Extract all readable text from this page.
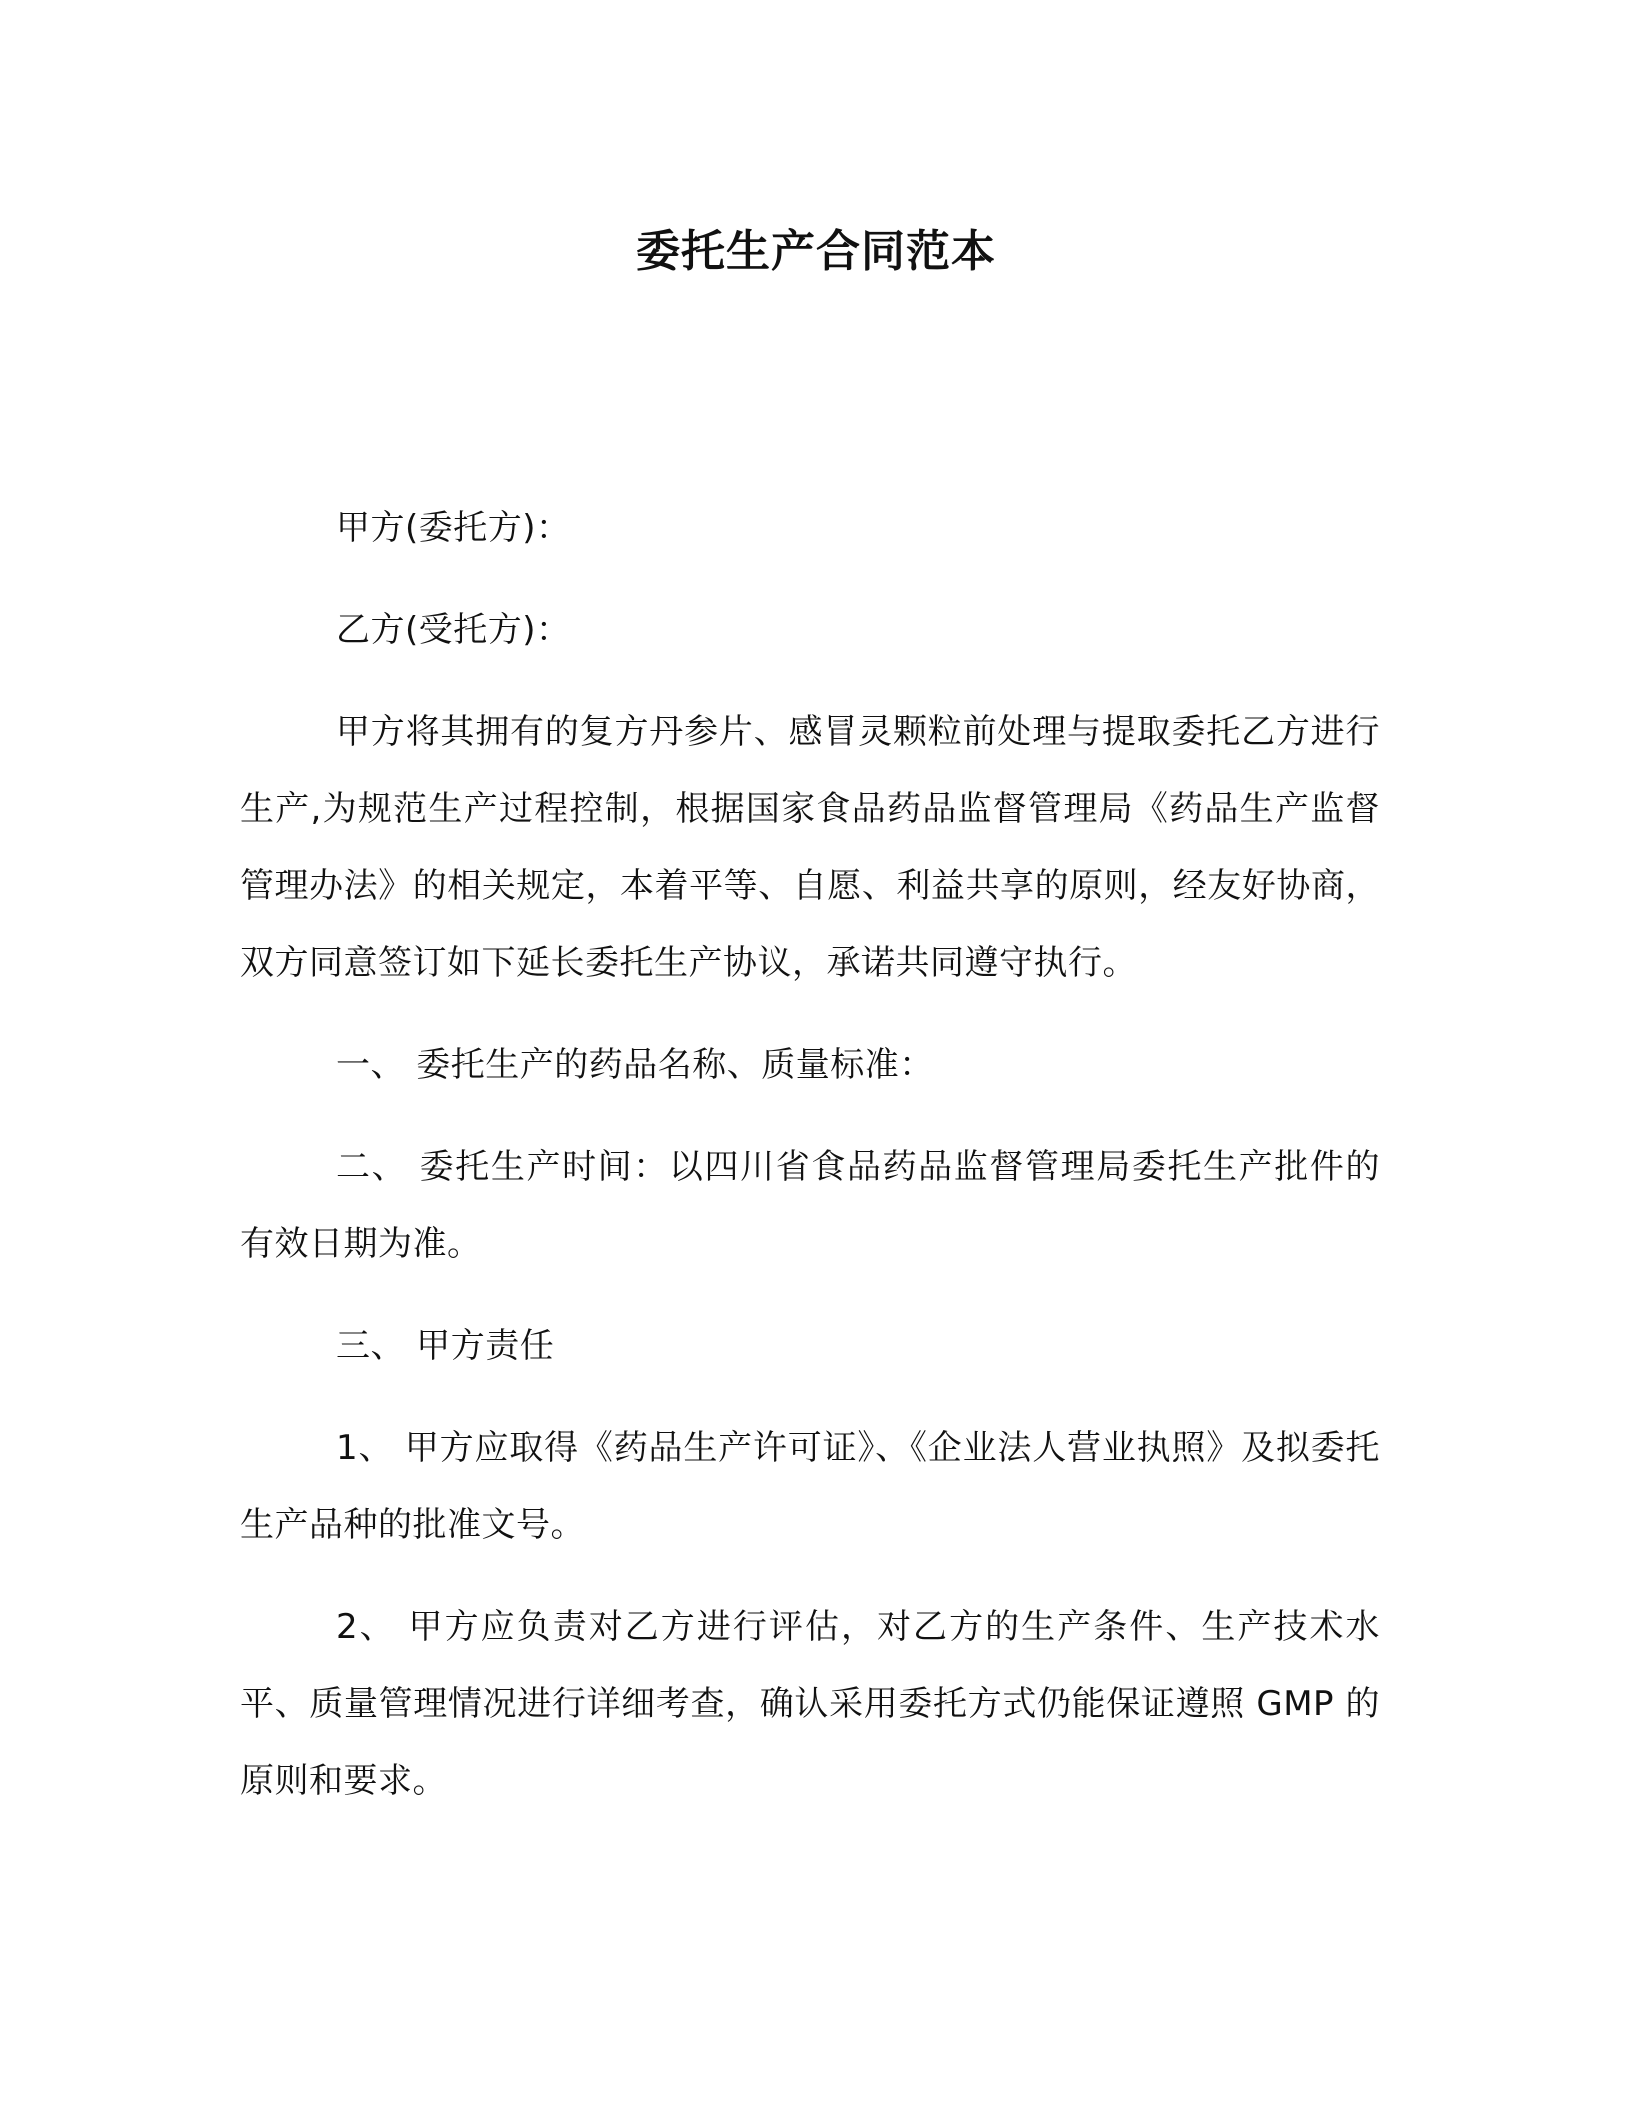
委托生产合同范本

甲方(委托方)：

乙方(受托方)：

甲方将其拥有的复方丹参片、感冒灵颗粒前处理与提取委托乙方进行生产,为规范生产过程控制，根据国家食品药品监督管理局《药品生产监督管理办法》的相关规定，本着平等、自愿、利益共享的原则，经友好协商，双方同意签订如下延长委托生产协议，承诺共同遵守执行。

一、 委托生产的药品名称、质量标准：

二、 委托生产时间：以四川省食品药品监督管理局委托生产批件的有效日期为准。

三、 甲方责任

1、 甲方应取得《药品生产许可证》、《企业法人营业执照》及拟委托生产品种的批准文号。

2、 甲方应负责对乙方进行评估，对乙方的生产条件、生产技术水平、质量管理情况进行详细考查，确认采用委托方式仍能保证遵照 GMP 的原则和要求。
